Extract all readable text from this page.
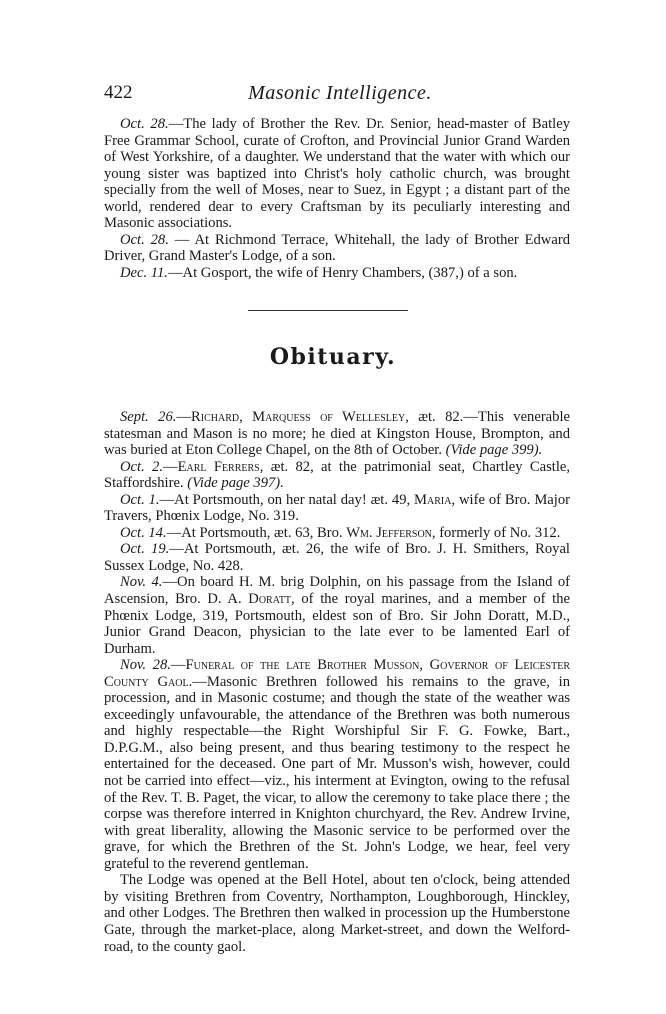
422	Masonic Intelligence.

Oct. 28.—The lady of Brother the Rev. Dr. Senior, head-master of Batley Free Grammar School, curate of Crofton, and Provincial Junior Grand Warden of West Yorkshire, of a daughter. We understand that the water with which our young sister was baptized into Christ's holy catholic church, was brought specially from the well of Moses, near to Suez, in Egypt ; a distant part of the world, rendered dear to every Craftsman by its peculiarly interesting and Masonic associations.

Oct. 28. — At Richmond Terrace, Whitehall, the lady of Brother Edward Driver, Grand Master's Lodge, of a son.

Dec. 11.—At Gosport, the wife of Henry Chambers, (387,) of a son.

Obituary.

Sept. 26.—Richard, Marquess of Wellesley, æt. 82.—This venerable statesman and Mason is no more; he died at Kingston House, Brompton, and was buried at Eton College Chapel, on the 8th of October. (Vide page 399).

Oct. 2.—Earl Ferrers, æt. 82, at the patrimonial seat, Chartley Castle, Staffordshire. (Vide page 397).

Oct. 1.—At Portsmouth, on her natal day! æt. 49, Maria, wife of Bro. Major Travers, Phœnix Lodge, No. 319.

Oct. 14.—At Portsmouth, æt. 63, Bro. Wm. Jefferson, formerly of No. 312.

Oct. 19.—At Portsmouth, æt. 26, the wife of Bro. J. H. Smithers, Royal Sussex Lodge, No. 428.

Nov. 4.—On board H. M. brig Dolphin, on his passage from the Island of Ascension, Bro. D. A. Doratt, of the royal marines, and a member of the Phœnix Lodge, 319, Portsmouth, eldest son of Bro. Sir John Doratt, M.D., Junior Grand Deacon, physician to the late ever to be lamented Earl of Durham.

Nov. 28.—Funeral of the late Brother Musson, Governor of Leicester County Gaol.—Masonic Brethren followed his remains to the grave, in procession, and in Masonic costume; and though the state of the weather was exceedingly unfavourable, the attendance of the Brethren was both numerous and highly respectable—the Right Worshipful Sir F. G. Fowke, Bart., D.P.G.M., also being present, and thus bearing testimony to the respect he entertained for the deceased. One part of Mr. Musson's wish, however, could not be carried into effect—viz., his interment at Evington, owing to the refusal of the Rev. T. B. Paget, the vicar, to allow the ceremony to take place there ; the corpse was therefore interred in Knighton churchyard, the Rev. Andrew Irvine, with great liberality, allowing the Masonic service to be performed over the grave, for which the Brethren of the St. John's Lodge, we hear, feel very grateful to the reverend gentleman.

The Lodge was opened at the Bell Hotel, about ten o'clock, being attended by visiting Brethren from Coventry, Northampton, Loughborough, Hinckley, and other Lodges. The Brethren then walked in procession up the Humberstone Gate, through the market-place, along Market-street, and down the Welford-road, to the county gaol.
